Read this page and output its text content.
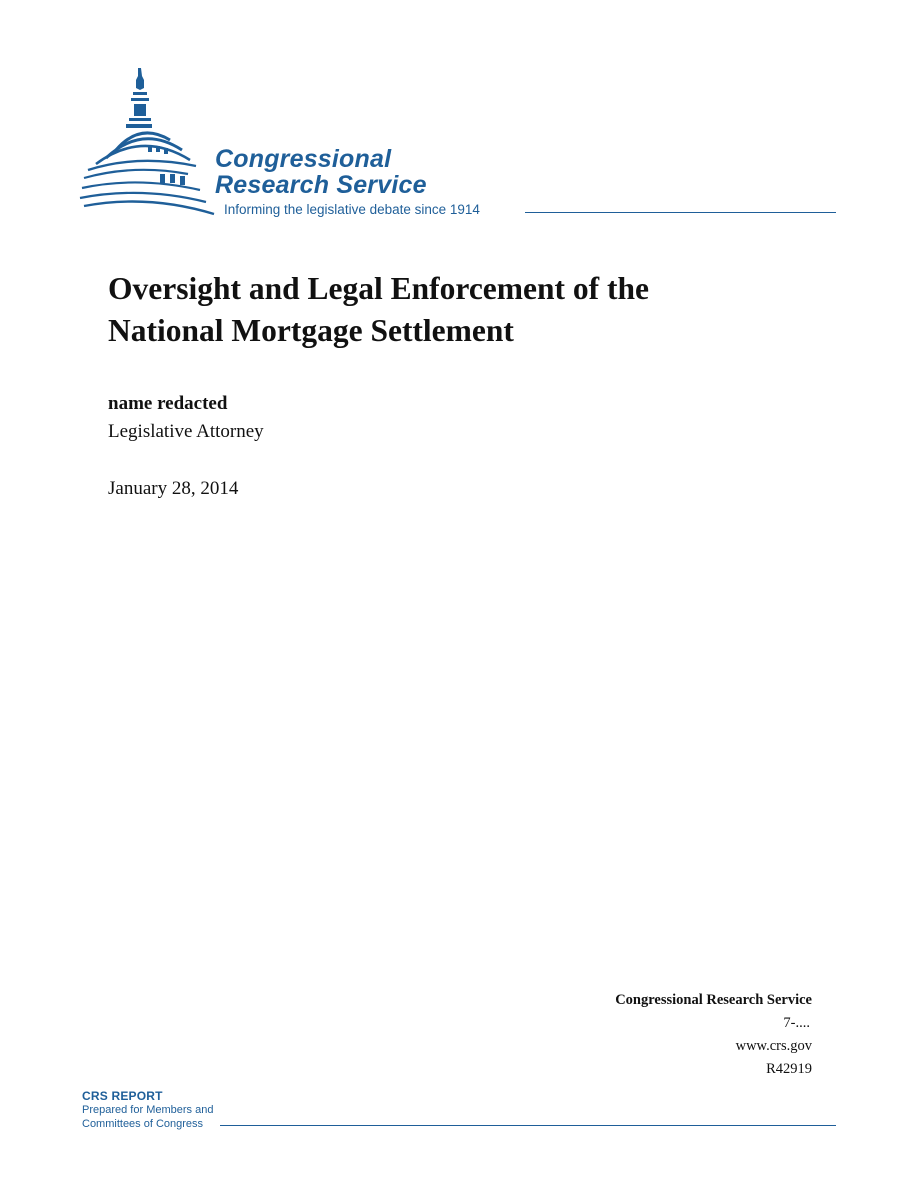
Congressional
Research Service
Informing the legislative debate since 1914
Oversight and Legal Enforcement of the
National Mortgage Settlement
name redacted
Legislative Attorney
January 28, 2014
Congressional Research Service
7-....
www.crs.gov
R42919
CRS REPORT
Prepared for Members and
Committees of Congress
